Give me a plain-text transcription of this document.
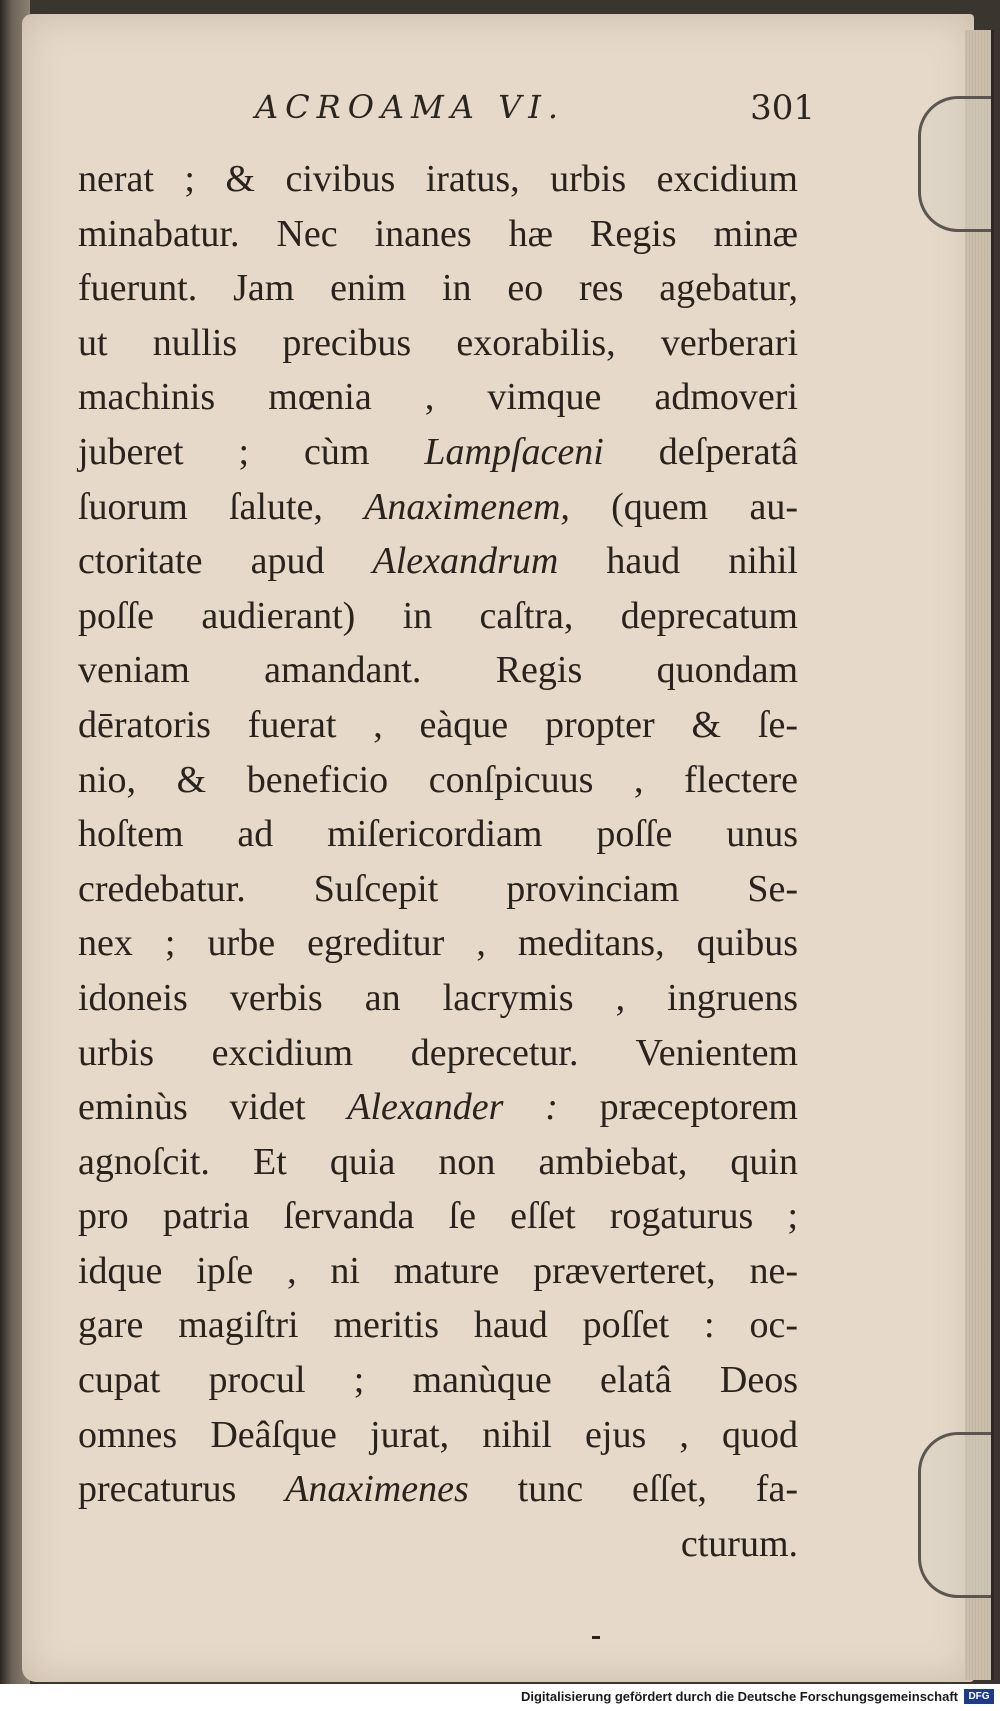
ACROAMA VI.	301
nerat ; & civibus iratus, urbis excidium
minabatur. Nec inanes hæ Regis minæ
fuerunt. Jam enim in eo res agebatur,
ut nullis precibus exorabilis, verberari
machinis mœnia , vimque admoveri
juberet ; cùm Lampſaceni deſperatâ
ſuorum ſalute, Anaximenem, (quem au-
ctoritate apud Alexandrum haud nihil
poſſe audierant) in caſtra, deprecatum
veniam amandant. Regis quondam
dēratoris fuerat , eàque propter & ſe-
nio, & beneficio conſpicuus , flectere
hoſtem ad miſericordiam poſſe unus
credebatur. Suſcepit provinciam Se-
nex ; urbe egreditur , meditans, quibus
idoneis verbis an lacrymis , ingruens
urbis excidium deprecetur. Venientem
eminùs videt Alexander : præceptorem
agnoſcit. Et quia non ambiebat, quin
pro patria ſervanda ſe eſſet rogaturus ;
idque ipſe , ni mature præverteret, ne-
gare magiſtri meritis haud poſſet : oc-
cupat procul ; manùque elatâ Deos
omnes Deâſque jurat, nihil ejus , quod
precaturus Anaximenes tunc eſſet, fa-
cturum.
Digitalisierung gefördert durch die Deutsche Forschungsgemeinschaft	DFG
